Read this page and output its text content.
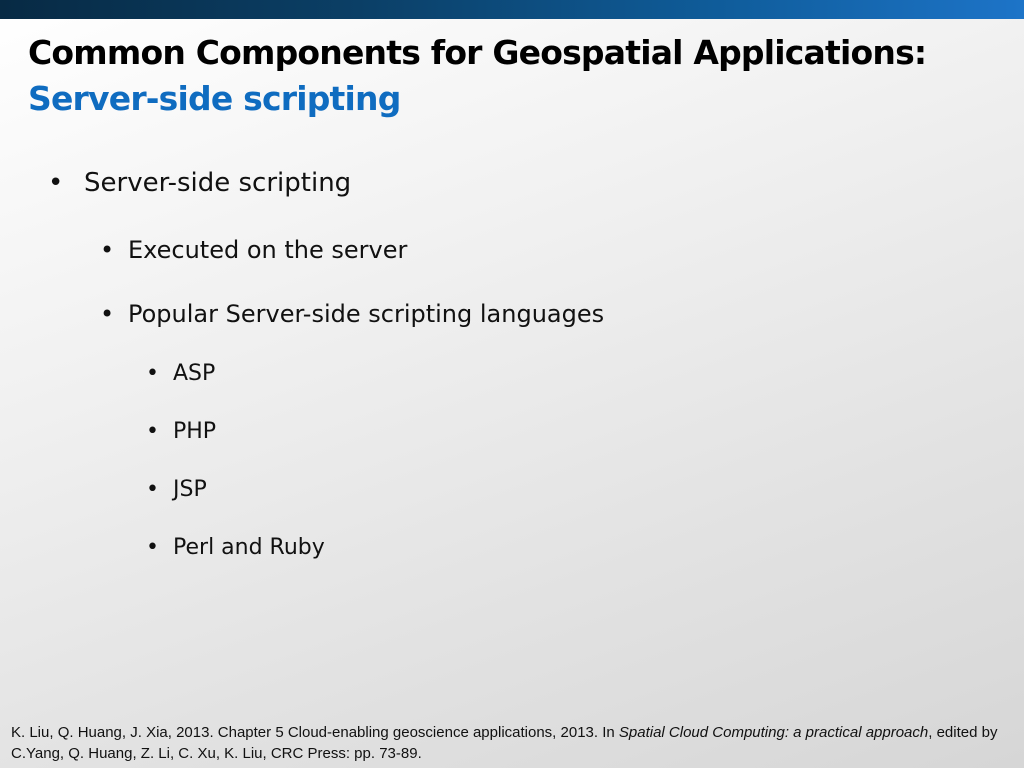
Common Components for Geospatial Applications:
Server-side scripting
• Server-side scripting
• Executed on the server
• Popular Server-side scripting languages
• ASP
• PHP
• JSP
• Perl and Ruby
K. Liu, Q. Huang, J. Xia, 2013. Chapter 5 Cloud-enabling geoscience applications, 2013. In Spatial Cloud Computing: a practical approach, edited by C.Yang, Q. Huang, Z. Li, C. Xu, K. Liu, CRC Press: pp. 73-89.
